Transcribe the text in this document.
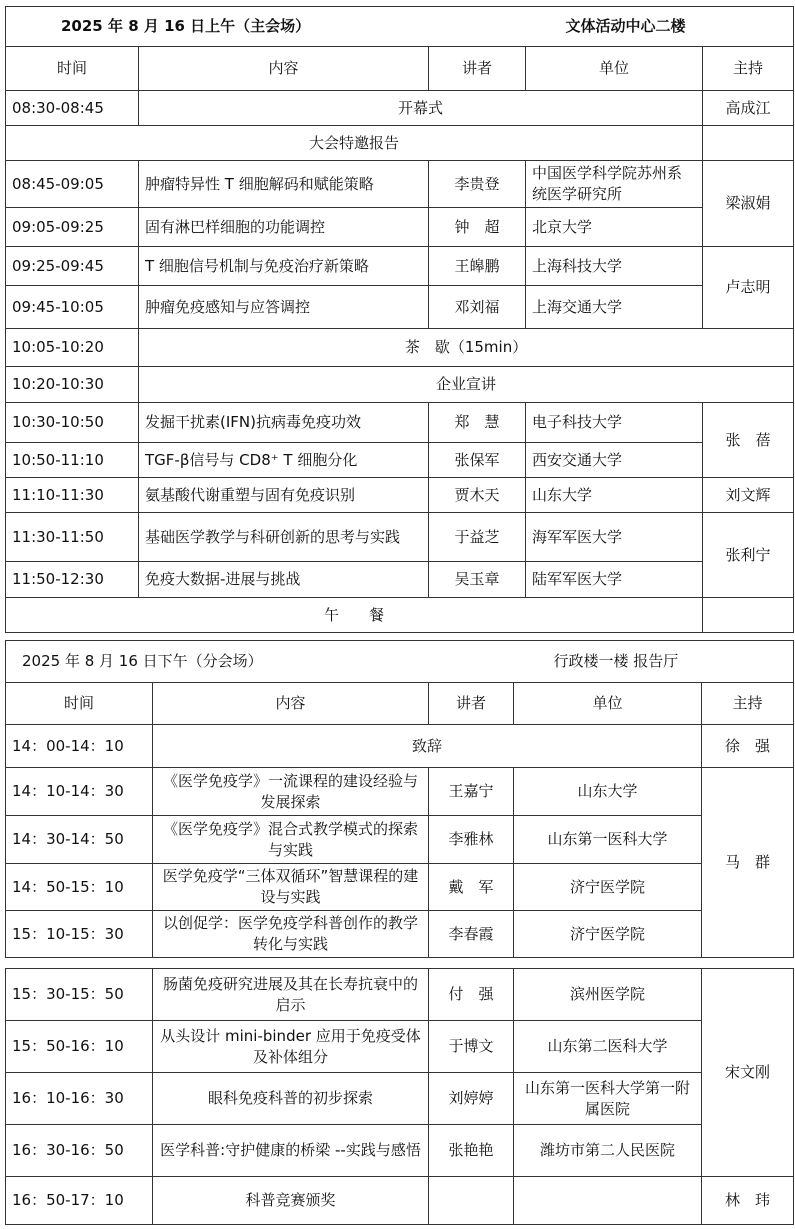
2025 年 8 月 16 日上午（主会场）			文体活动中心二楼	
时间	内容	讲者	单位	主持
08:30-08:45	开幕式			高成江
大会特邀报告				
08:45-09:05	肿瘤特异性 T 细胞解码和赋能策略	李贵登	中国医学科学院苏州系统医学研究所	梁淑娟
09:05-09:25	固有淋巴样细胞的功能调控	钟　超	北京大学	
09:25-09:45	T 细胞信号机制与免疫治疗新策略	王皞鹏	上海科技大学	卢志明
09:45-10:05	肿瘤免疫感知与应答调控	邓刘福	上海交通大学	
10:05-10:20	茶　歇（15min）			
10:20-10:30	企业宣讲			
10:30-10:50	发掘干扰素(IFN)抗病毒免疫功效	郑　慧	电子科技大学	张　蓓
10:50-11:10	TGF-β信号与 CD8⁺ T 细胞分化	张保军	西安交通大学	
11:10-11:30	氨基酸代谢重塑与固有免疫识别	贾木天	山东大学	刘文辉
11:30-11:50	基础医学教学与科研创新的思考与实践	于益芝	海军军医大学	张利宁
11:50-12:30	免疫大数据-进展与挑战	吴玉章	陆军军医大学	
午　　餐				
2025 年 8 月 16 日下午（分会场）			行政楼一楼 报告厅	
时间	内容	讲者	单位	主持
14：00-14：10	致辞			徐　强
14：10-14：30	《医学免疫学》一流课程的建设经验与发展探索	王嘉宁	山东大学	马　群
14：30-14：50	《医学免疫学》混合式教学模式的探索与实践	李雅林	山东第一医科大学	
14：50-15：10	医学免疫学“三体双循环”智慧课程的建设与实践	戴　军	济宁医学院	
15：10-15：30	以创促学：医学免疫学科普创作的教学转化与实践	李春霞	济宁医学院	
15：30-15：50	肠菌免疫研究进展及其在长寿抗衰中的启示	付　强	滨州医学院	宋文刚
15：50-16：10	从头设计 mini-binder 应用于免疫受体及补体组分	于博文	山东第二医科大学	
16：10-16：30	眼科免疫科普的初步探索	刘婷婷	山东第一医科大学第一附属医院	
16：30-16：50	医学科普:守护健康的桥梁 --实践与感悟	张艳艳	潍坊市第二人民医院	
16：50-17：10	科普竞赛颁奖			林　玮
